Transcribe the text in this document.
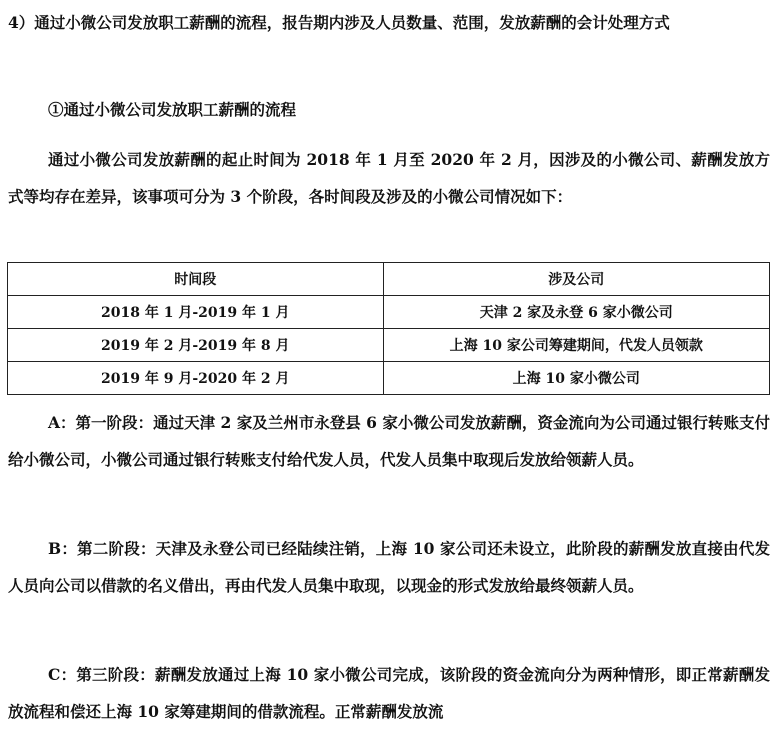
4）通过小微公司发放职工薪酬的流程，报告期内涉及人员数量、范围，发放薪酬的会计处理方式

①通过小微公司发放职工薪酬的流程

通过小微公司发放薪酬的起止时间为 2018 年 1 月至 2020 年 2 月，因涉及的小微公司、薪酬发放方式等均存在差异，该事项可分为 3 个阶段，各时间段及涉及的小微公司情况如下：

时间段	涉及公司
2018 年 1 月-2019 年 1 月	天津 2 家及永登 6 家小微公司
2019 年 2 月-2019 年 8 月	上海 10 家公司筹建期间，代发人员领款
2019 年 9 月-2020 年 2 月	上海 10 家小微公司

A：第一阶段：通过天津 2 家及兰州市永登县 6 家小微公司发放薪酬，资金流向为公司通过银行转账支付给小微公司，小微公司通过银行转账支付给代发人员，代发人员集中取现后发放给领薪人员。

B：第二阶段：天津及永登公司已经陆续注销，上海 10 家公司还未设立，此阶段的薪酬发放直接由代发人员向公司以借款的名义借出，再由代发人员集中取现，以现金的形式发放给最终领薪人员。

C：第三阶段：薪酬发放通过上海 10 家小微公司完成，该阶段的资金流向分为两种情形，即正常薪酬发放流程和偿还上海 10 家筹建期间的借款流程。正常薪酬发放流
